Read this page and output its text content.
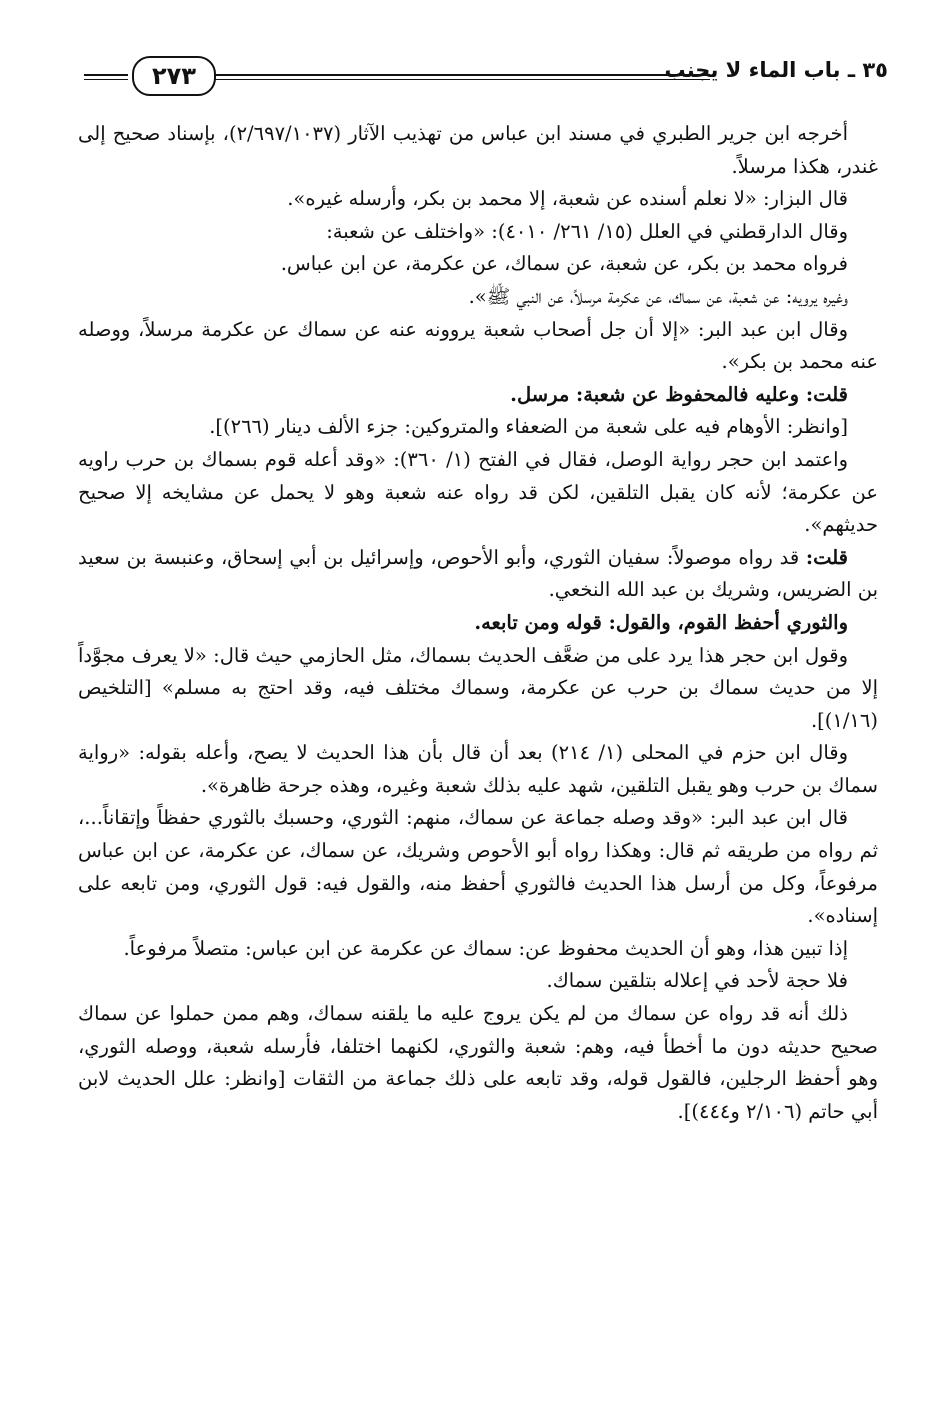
٣٥ ـ باب الماء لا يجنب
٢٧٣

أخرجه ابن جرير الطبري في مسند ابن عباس من تهذيب الآثار (٢/٦٩٧/١٠٣٧)، بإسناد صحيح إلى غندر، هكذا مرسلاً.

قال البزار: «لا نعلم أسنده عن شعبة، إلا محمد بن بكر، وأرسله غيره».

وقال الدارقطني في العلل (١٥/ ٢٦١/ ٤٠١٠): «واختلف عن شعبة:

فرواه محمد بن بكر، عن شعبة، عن سماك، عن عكرمة، عن ابن عباس.

وغيره يرويه: عن شعبة، عن سماك، عن عكرمة مرسلاً، عن النبي ﷺ».

وقال ابن عبد البر: «إلا أن جل أصحاب شعبة يروونه عنه عن سماك عن عكرمة مرسلاً، ووصله عنه محمد بن بكر».

قلت: وعليه فالمحفوظ عن شعبة: مرسل.

[وانظر: الأوهام فيه على شعبة من الضعفاء والمتروكين: جزء الألف دينار (٢٦٦)].

واعتمد ابن حجر رواية الوصل، فقال في الفتح (١/ ٣٦٠): «وقد أعله قوم بسماك بن حرب راويه عن عكرمة؛ لأنه كان يقبل التلقين، لكن قد رواه عنه شعبة وهو لا يحمل عن مشايخه إلا صحيح حديثهم».

قلت: قد رواه موصولاً: سفيان الثوري، وأبو الأحوص، وإسرائيل بن أبي إسحاق، وعنبسة بن سعيد بن الضريس، وشريك بن عبد الله النخعي.

والثوري أحفظ القوم، والقول: قوله ومن تابعه.

وقول ابن حجر هذا يرد على من ضعَّف الحديث بسماك، مثل الحازمي حيث قال: «لا يعرف مجوَّداً إلا من حديث سماك بن حرب عن عكرمة، وسماك مختلف فيه، وقد احتج به مسلم» [التلخيص (١/١٦)].

وقال ابن حزم في المحلى (١/ ٢١٤) بعد أن قال بأن هذا الحديث لا يصح، وأعله بقوله: «رواية سماك بن حرب وهو يقبل التلقين، شهد عليه بذلك شعبة وغيره، وهذه جرحة ظاهرة».

قال ابن عبد البر: «وقد وصله جماعة عن سماك، منهم: الثوري، وحسبك بالثوري حفظاً وإتقاناً...، ثم رواه من طريقه ثم قال: وهكذا رواه أبو الأحوص وشريك، عن سماك، عن عكرمة، عن ابن عباس مرفوعاً، وكل من أرسل هذا الحديث فالثوري أحفظ منه، والقول فيه: قول الثوري، ومن تابعه على إسناده».

إذا تبين هذا، وهو أن الحديث محفوظ عن: سماك عن عكرمة عن ابن عباس: متصلاً مرفوعاً.

فلا حجة لأحد في إعلاله بتلقين سماك.

ذلك أنه قد رواه عن سماك من لم يكن يروج عليه ما يلقنه سماك، وهم ممن حملوا عن سماك صحيح حديثه دون ما أخطأ فيه، وهم: شعبة والثوري، لكنهما اختلفا، فأرسله شعبة، ووصله الثوري، وهو أحفظ الرجلين، فالقول قوله، وقد تابعه على ذلك جماعة من الثقات [وانظر: علل الحديث لابن أبي حاتم (٢/١٠٦ و٤٤٤)].
